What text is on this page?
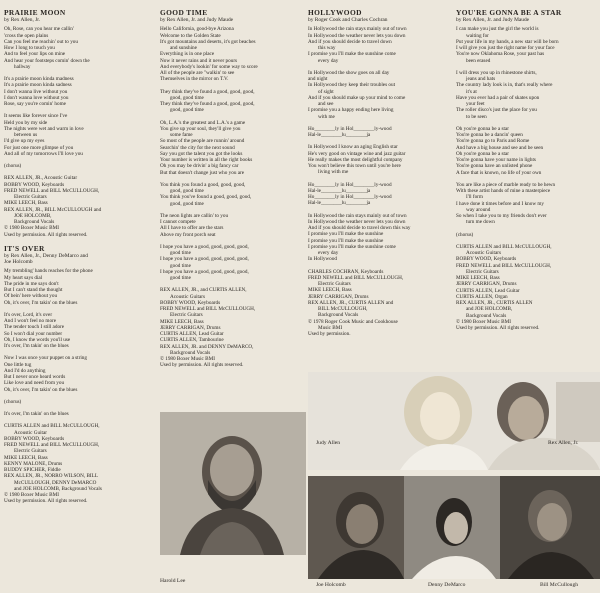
PRAIRIE MOON

by Rex Allen, Jr.

Oh, Rose, can you hear me callin'
'cross the open plains
Can you feel me reachin' out to you
How I long to touch you
And to feel your lips on mine
And hear your footsteps comin' down the
hallway
It's a prairie moon kinda madness
It's a prairie moon kinda sadness
I don't wanna live without you
I don't wanna love without you
Rose, say you're comin' home
It seems like forever since I've
Held you by my side
The nights were wet and warm in love
between us
I'd give up my eyes
For just one more glimpse of you
And all of my tomorrows I'll love you
(chorus)
REX ALLEN, JR., Acoustic Guitar
BOBBY WOOD, Keyboards
FRED NEWELL and BILL McCULLOUGH,
Electric Guitars
MIKE LEECH, Bass
REX ALLEN, JR., BILL McCULLOUGH and
JOE HOLCOMB,
Background Vocals
© 1980 Boxer Music BMI
Used by permission. All rights reserved.

IT'S OVER

by Rex Allen, Jr., Denny DeMarco and
Joe Holcomb

My trembling' hands reaches for the phone
My heart says dial
The pride in me says don't
But I can't stand the thought
Of bein' here without you
Oh, it's over, I'm takin' on the blues
It's over, Lord, it's over
And I won't feel no more
The tender touch I still adore
So I won't dial your number
Oh, I know the words you'll use
It's over, I'm takin' on the blues
Now I was once your puppet on a string
One little tug
And I'd do anything
But I never once heard words
Like love and need from you
Oh, it's over, I'm takin' on the blues
(chorus)
It's over, I'm takin' on the blues
CURTIS ALLEN and BILL McCULLOUGH,
Acoustic Guitar
BOBBY WOOD, Keyboards
FRED NEWELL and BILL McCULLOUGH,
Electric Guitars
MIKE LEECH, Bass
KENNY MALONE, Drums
BUDDY SPICHER, Fiddle
REX ALLEN, JR., NORRO WILSON, BILL
McCULLOUGH, DENNY DeMARCO
and JOE HOLCOMB, Background Vocals
© 1980 Boxer Music BMI
Used by permission. All rights reserved.

GOOD TIME

by Rex Allen, Jr. and Judy Maude

Hello California, good-bye Arizona
Welcome to the Golden State
It's got mountains and deserts, it's got beaches
and sunshine
Everything is in one place
Now it never rains and it never pours
And everybody's lookin' for some way to score
All of the people are "walkin' to see
Themselves in the mirror on T.V.
They think they've found a good, good, good,
good, good time
They think they've found a good, good, good,
good, good time
Oh, L.A.'s the greatest and L.A.'s a game
You give up your soul, they'll give you
some fame
So most of the people are runnin' around
Searchin' the city for the next sound
Say you got the talent you got the looks
Your number is written in all the right books
Oh you may be drivin' a big fancy car
But that doesn't change just who you are
You think you found a good, good, good,
good, good time
You think you've found a good, good, good,
good, good time
The neon lights are callin' to you
I cannot compete
All I have to offer are the stars
Above my front porch seat
I hope you have a good, good, good, good,
good time
I hope you have a good, good, good, good,
good time
I hope you have a good, good, good, good,
good time
REX ALLEN, JR., and CURTIS ALLEN,
Acoustic Guitars
BOBBY WOOD, Keyboards
FRED NEWELL and BILL McCULLOUGH,
Electric Guitars
MIKE LEECH, Bass
JERRY CARRIGAN, Drums
CURTIS ALLEN, Lead Guitar
CURTIS ALLEN, Tambourine
REX ALLEN, JR. and DENNY DeMARCO,
Background Vocals
© 1980 Boxer Music BMI
Used by permission. All rights reserved.

HOLLYWOOD

by Roger Cook and Charles Cochran

In Hollywood the rain stays mainly out of town
In Hollywood the weather never lets you down
And if you should decide to travel down
this way
I promise you I'll make the sunshine come
every day
In Hollywood the show goes on all day
and night
In Hollywood they keep their troubles out
of sight
And if you should make up your mind to come
and see
I promise you a happy ending here living
with me
Ho________ly in Hol________ly-wood
Hal-le________lu________ja
In Hollywood I know an aging English star
He's very good on vintage wine and jazz guitar
He really makes the most delightful company
You won't believe this town until you're here
living with me
Ho________ly in Hol________ly-wood
Hal-le________lu________ja
Ho________ly in Hol________ly-wood
Hal-le________lu________ja
In Hollywood the rain stays mainly out of town
In Hollywood the weather never lets you down
And if you should decide to travel down this way
I promise you I'll make the sunshine
I promise you I'll make the sunshine
I promise you I'll make the sunshine come
every day
In Hollywood
CHARLES COCHRAN, Keyboards
FRED NEWELL and BILL McCULLOUGH,
Electric Guitars
MIKE LEECH, Bass
JERRY CARRIGAN, Drums
REX ALLEN, JR., CURTIS ALLEN and
BILL McCULLOUGH,
Background Vocals
© 1978 Roger Cook Music and Cookhouse
Music BMI
Used by permission.

YOU'RE GONNA BE A STAR

by Rex Allen, Jr. and Judy Maude

I can make you just the girl the world is
waiting for
Put your life in my hands, a new star will be born
I will give you just the right name for your face
You're now Oklahoma Rose, your past has
been erased
I will dress you up in rhinestone shirts,
jeans and hats
The country lady look is in, that's really where
it's at
Have you ever had a pair of skates upon
your feet
The roller disco's just the place for you
to be seen
Oh you're gonna be a star
You're gonna be a dancin' queen
You're gonna go to Paris and Rome
And have a big house and see and be seen
Oh you're gonna be a star
You're gonna have your name in lights
You're gonna have an unlisted phone
A face that is known, no life of your own
You are like a piece of marble ready to be hewn
With these artist hands of mine a masterpiece
I'll form
I have done it times before and I know my
way around
So when I take you to my friends don't ever
turn me down
(chorus)
CURTIS ALLEN and BILL McCULLOUGH,
Acoustic Guitars
BOBBY WOOD, Keyboards
FRED NEWELL and BILL McCULLOUGH,
Electric Guitars
MIKE LEECH, Bass
JERRY CARRIGAN, Drums
CURTIS ALLEN, Lead Guitar
CURTIS ALLEN, Organ
REX ALLEN, JR., CURTIS ALLEN
and JOE HOLCOMB,
Background Vocals
© 1980 Boxer Music BMI
Used by permission. All rights reserved.
Harold Lee
Judy Allen	Rex Allen, Jr.
Joe Holcomb	Denny DeMarco	Bill McCullough
